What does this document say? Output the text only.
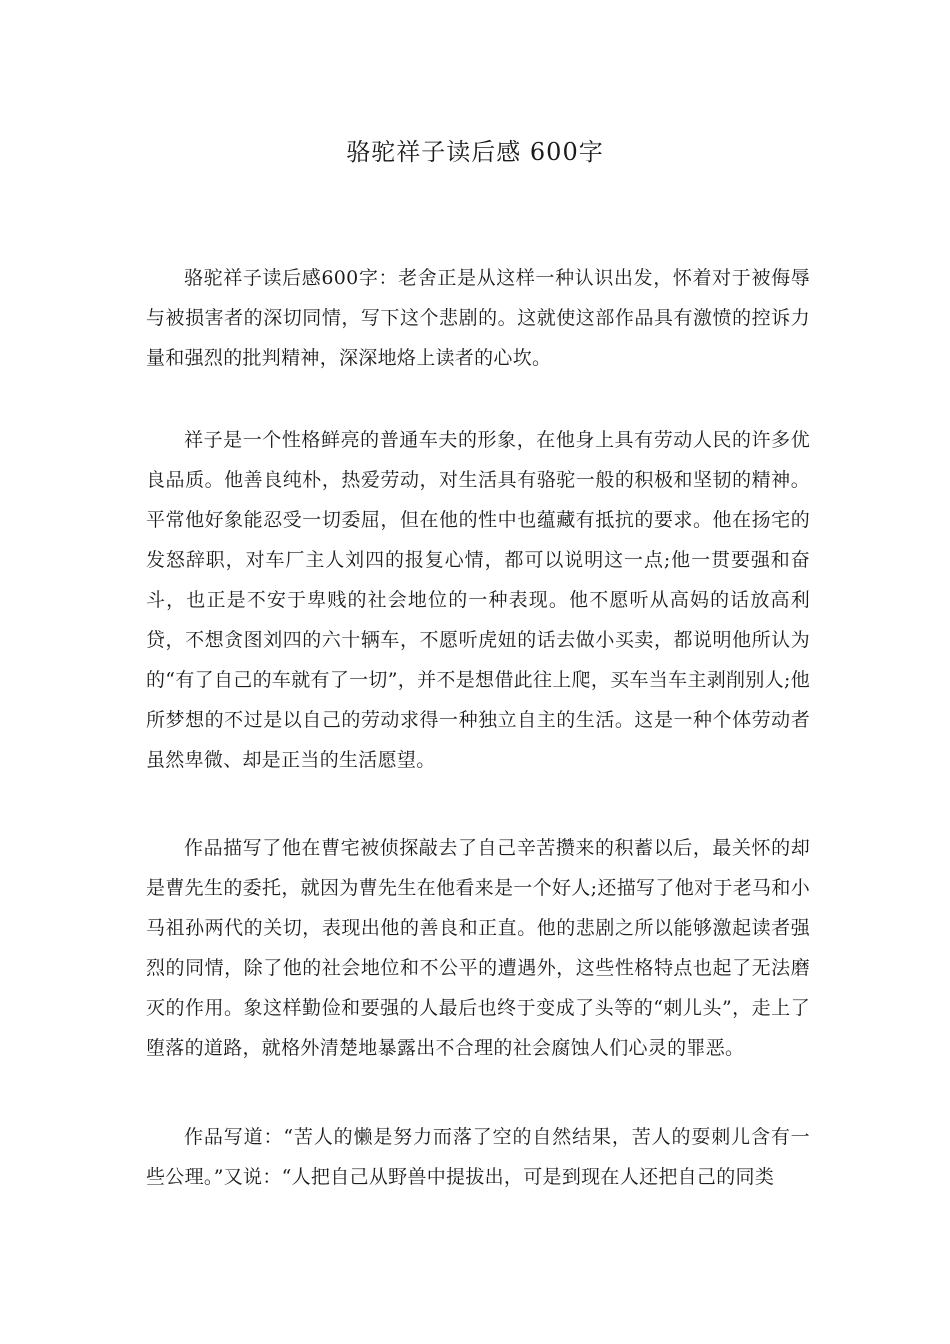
骆驼祥子读后感 600字

骆驼祥子读后感600字：老舍正是从这样一种认识出发，怀着对于被侮辱与被损害者的深切同情，写下这个悲剧的。这就使这部作品具有激愤的控诉力量和强烈的批判精神，深深地烙上读者的心坎。

祥子是一个性格鲜亮的普通车夫的形象，在他身上具有劳动人民的许多优良品质。他善良纯朴，热爱劳动，对生活具有骆驼一般的积极和坚韧的精神。平常他好象能忍受一切委屈，但在他的性中也蕴藏有抵抗的要求。他在扬宅的发怒辞职，对车厂主人刘四的报复心情，都可以说明这一点;他一贯要强和奋斗，也正是不安于卑贱的社会地位的一种表现。他不愿听从高妈的话放高利贷，不想贪图刘四的六十辆车，不愿听虎妞的话去做小买卖，都说明他所认为的“有了自己的车就有了一切”，并不是想借此往上爬，买车当车主剥削别人;他所梦想的不过是以自己的劳动求得一种独立自主的生活。这是一种个体劳动者虽然卑微、却是正当的生活愿望。

作品描写了他在曹宅被侦探敲去了自己辛苦攒来的积蓄以后，最关怀的却是曹先生的委托，就因为曹先生在他看来是一个好人;还描写了他对于老马和小马祖孙两代的关切，表现出他的善良和正直。他的悲剧之所以能够激起读者强烈的同情，除了他的社会地位和不公平的遭遇外，这些性格特点也起了无法磨灭的作用。象这样勤俭和要强的人最后也终于变成了头等的“刺儿头”，走上了堕落的道路，就格外清楚地暴露出不合理的社会腐蚀人们心灵的罪恶。

作品写道：“苦人的懒是努力而落了空的自然结果，苦人的耍刺儿含有一些公理。”又说：“人把自己从野兽中提拔出，可是到现在人还把自己的同类
